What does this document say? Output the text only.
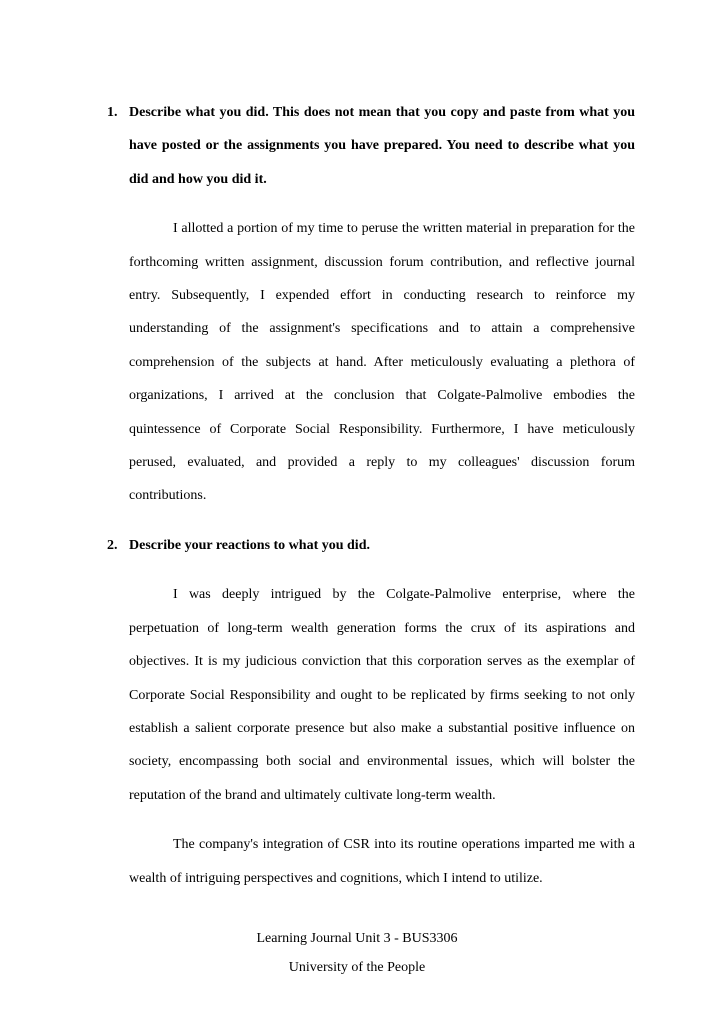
1. Describe what you did. This does not mean that you copy and paste from what you have posted or the assignments you have prepared. You need to describe what you did and how you did it.
I allotted a portion of my time to peruse the written material in preparation for the forthcoming written assignment, discussion forum contribution, and reflective journal entry. Subsequently, I expended effort in conducting research to reinforce my understanding of the assignment's specifications and to attain a comprehensive comprehension of the subjects at hand. After meticulously evaluating a plethora of organizations, I arrived at the conclusion that Colgate-Palmolive embodies the quintessence of Corporate Social Responsibility. Furthermore, I have meticulously perused, evaluated, and provided a reply to my colleagues' discussion forum contributions.
2. Describe your reactions to what you did.
I was deeply intrigued by the Colgate-Palmolive enterprise, where the perpetuation of long-term wealth generation forms the crux of its aspirations and objectives. It is my judicious conviction that this corporation serves as the exemplar of Corporate Social Responsibility and ought to be replicated by firms seeking to not only establish a salient corporate presence but also make a substantial positive influence on society, encompassing both social and environmental issues, which will bolster the reputation of the brand and ultimately cultivate long-term wealth.
The company's integration of CSR into its routine operations imparted me with a wealth of intriguing perspectives and cognitions, which I intend to utilize.
Learning Journal Unit 3 - BUS3306
University of the People
